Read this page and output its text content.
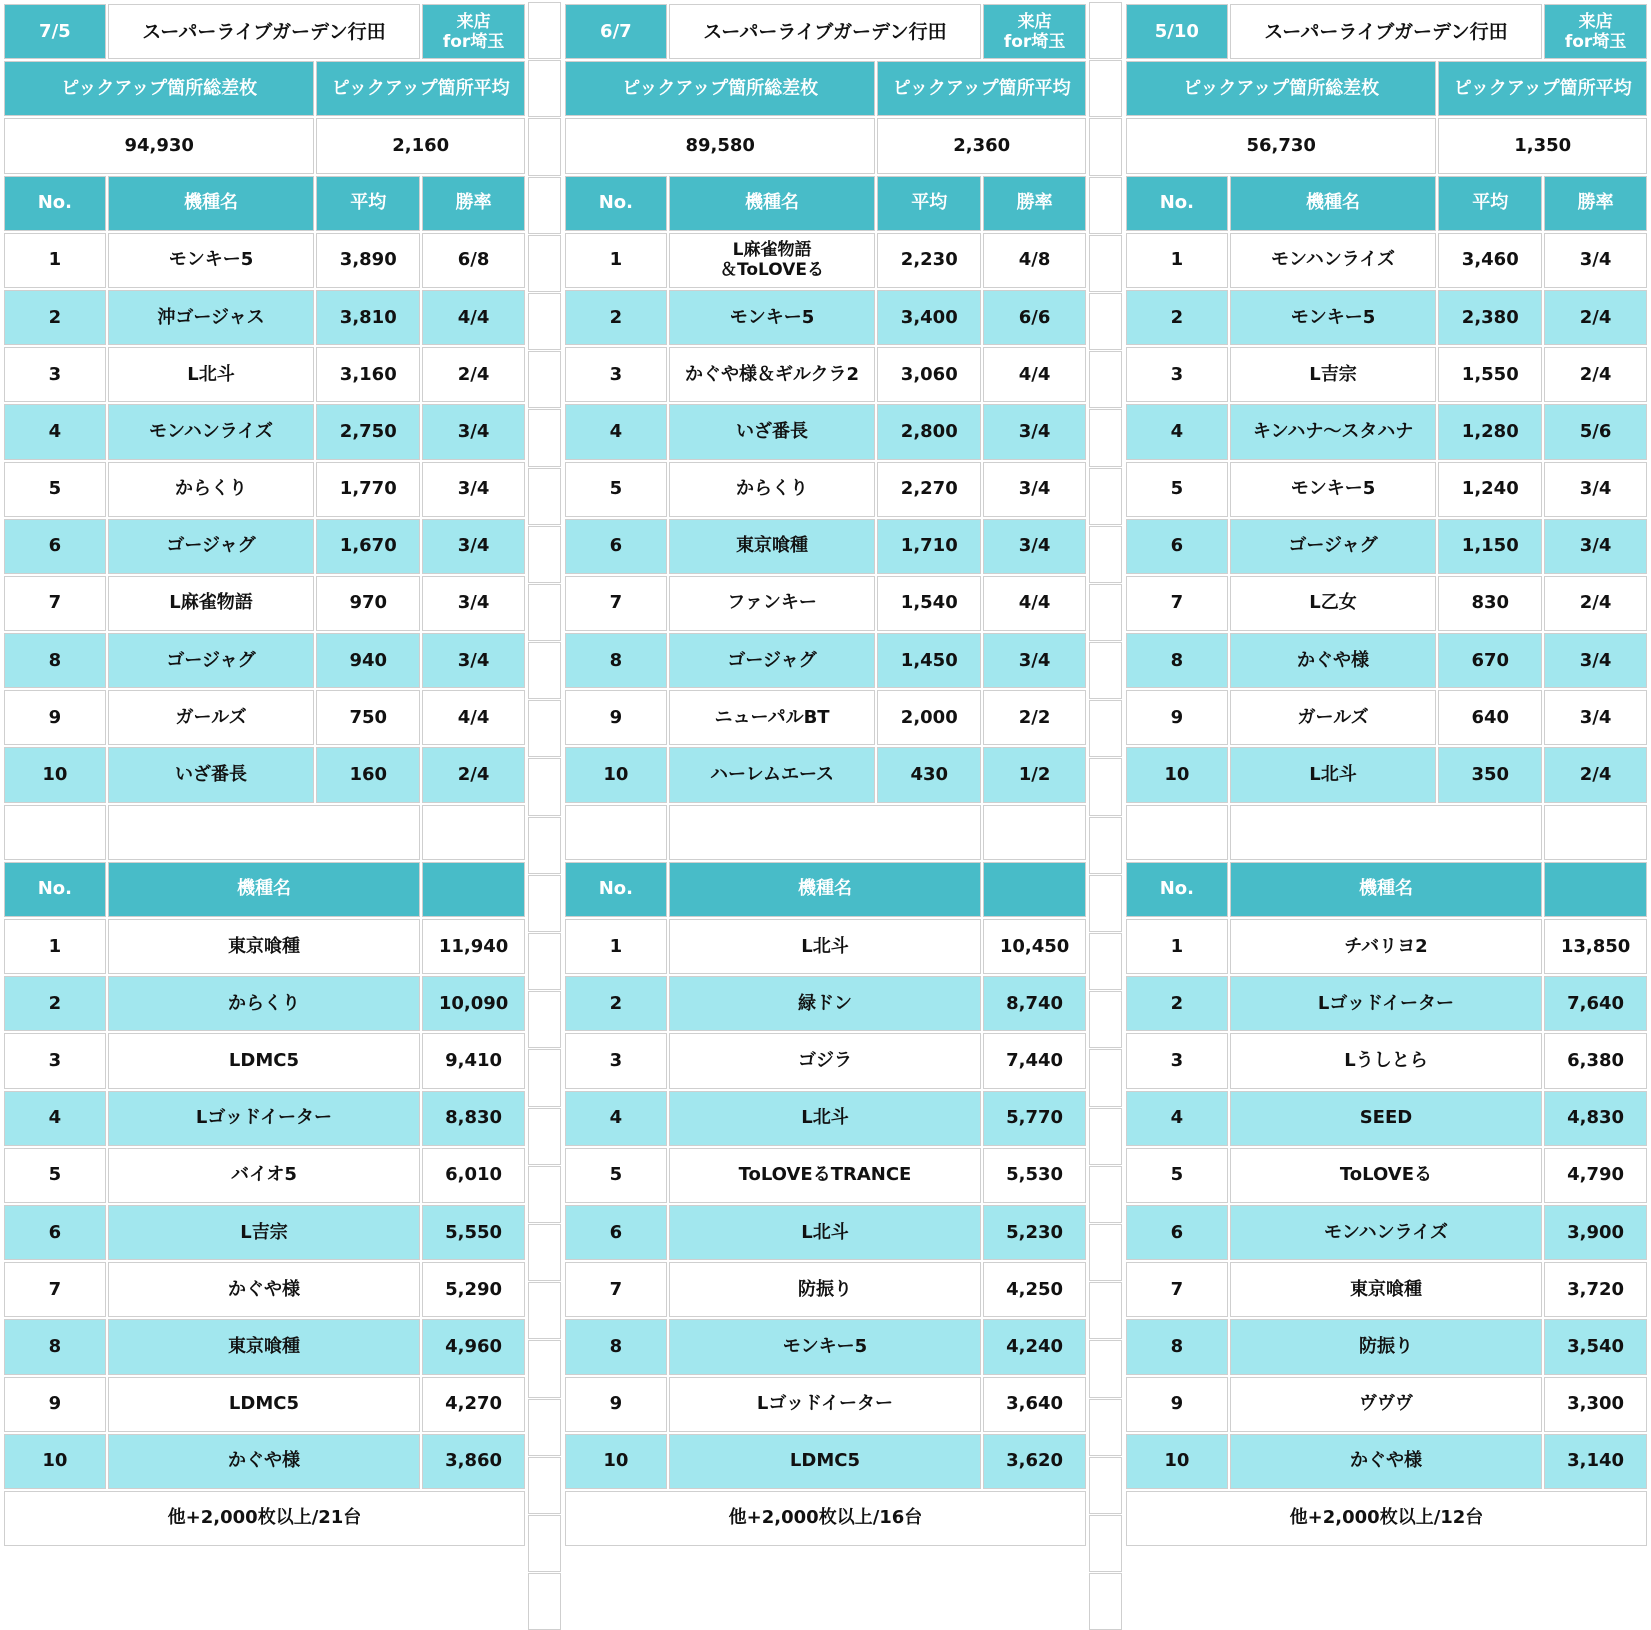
7/5	スーパーライブガーデン行田		来店
for埼玉
ピックアップ箇所総差枚		ピックアップ箇所平均	
94,930		2,160	
No.	機種名	平均	勝率
1	モンキー5	3,890	6/8
2	沖ゴージャス	3,810	4/4
3	L北斗	3,160	2/4
4	モンハンライズ	2,750	3/4
5	からくり	1,770	3/4
6	ゴージャグ	1,670	3/4
7	L麻雀物語	970	3/4
8	ゴージャグ	940	3/4
9	ガールズ	750	4/4
10	いざ番長	160	2/4

No.	機種名		
1	東京喰種		11,940
2	からくり		10,090
3	LDMC5		9,410
4	Lゴッドイーター		8,830
5	バイオ5		6,010
6	L吉宗		5,550
7	かぐや様		5,290
8	東京喰種		4,960
9	LDMC5		4,270
10	かぐや様		3,860
他+2,000枚以上/21台			
6/7	スーパーライブガーデン行田		来店
for埼玉
ピックアップ箇所総差枚		ピックアップ箇所平均	
89,580		2,360	
No.	機種名	平均	勝率
1	L麻雀物語
＆ToLOVEる	2,230	4/8
2	モンキー5	3,400	6/6
3	かぐや様＆ギルクラ2	3,060	4/4
4	いざ番長	2,800	3/4
5	からくり	2,270	3/4
6	東京喰種	1,710	3/4
7	ファンキー	1,540	4/4
8	ゴージャグ	1,450	3/4
9	ニューパルBT	2,000	2/2
10	ハーレムエース	430	1/2

No.	機種名		
1	L北斗		10,450
2	緑ドン		8,740
3	ゴジラ		7,440
4	L北斗		5,770
5	ToLOVEるTRANCE		5,530
6	L北斗		5,230
7	防振り		4,250
8	モンキー5		4,240
9	Lゴッドイーター		3,640
10	LDMC5		3,620
他+2,000枚以上/16台			
5/10	スーパーライブガーデン行田		来店
for埼玉
ピックアップ箇所総差枚		ピックアップ箇所平均	
56,730		1,350	
No.	機種名	平均	勝率
1	モンハンライズ	3,460	3/4
2	モンキー5	2,380	2/4
3	L吉宗	1,550	2/4
4	キンハナ～スタハナ	1,280	5/6
5	モンキー5	1,240	3/4
6	ゴージャグ	1,150	3/4
7	L乙女	830	2/4
8	かぐや様	670	3/4
9	ガールズ	640	3/4
10	L北斗	350	2/4

No.	機種名		
1	チバリヨ2		13,850
2	Lゴッドイーター		7,640
3	Lうしとら		6,380
4	SEED		4,830
5	ToLOVEる		4,790
6	モンハンライズ		3,900
7	東京喰種		3,720
8	防振り		3,540
9	ヴヴヴ		3,300
10	かぐや様		3,140
他+2,000枚以上/12台			
